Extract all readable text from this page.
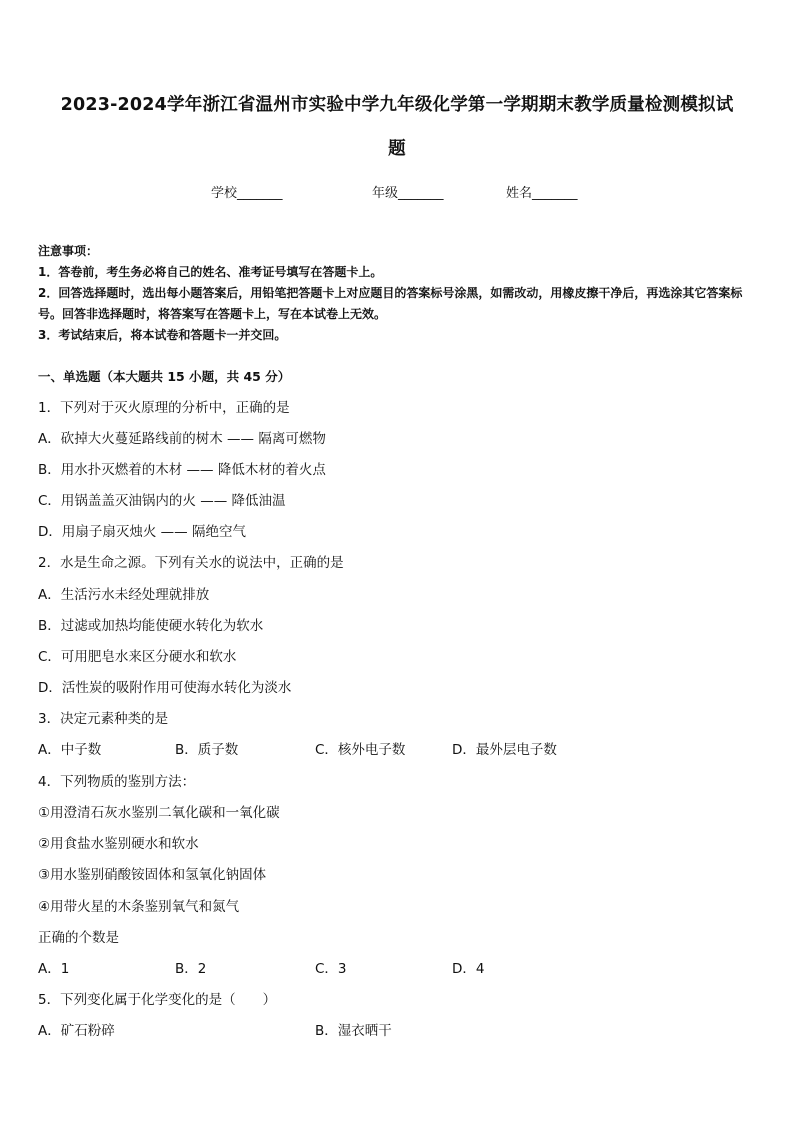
2023-2024学年浙江省温州市实验中学九年级化学第一学期期末教学质量检测模拟试
题
学校_______	年级_______	姓名_______
注意事项：
1．答卷前，考生务必将自己的姓名、准考证号填写在答题卡上。
2．回答选择题时，选出每小题答案后，用铅笔把答题卡上对应题目的答案标号涂黑，如需改动，用橡皮擦干净后，再选涂其它答案标号。回答非选择题时，将答案写在答题卡上，写在本试卷上无效。
3．考试结束后，将本试卷和答题卡一并交回。
一、单选题（本大题共 15 小题，共 45 分）
1．下列对于灭火原理的分析中，正确的是
A．砍掉大火蔓延路线前的树木 —— 隔离可燃物
B．用水扑灭燃着的木材 —— 降低木材的着火点
C．用锅盖盖灭油锅内的火 —— 降低油温
D．用扇子扇灭烛火 —— 隔绝空气
2．水是生命之源。下列有关水的说法中，正确的是
A．生活污水未经处理就排放
B．过滤或加热均能使硬水转化为软水
C．可用肥皂水来区分硬水和软水
D．活性炭的吸附作用可使海水转化为淡水
3．决定元素种类的是
A．中子数	B．质子数	C．核外电子数	D．最外层电子数
4．下列物质的鉴别方法：
①用澄清石灰水鉴别二氧化碳和一氧化碳
②用食盐水鉴别硬水和软水
③用水鉴别硝酸铵固体和氢氧化钠固体
④用带火星的木条鉴别氧气和氮气
正确的个数是
A．1	B．2	C．3	D．4
5．下列变化属于化学变化的是（　　）
A．矿石粉碎	B．湿衣晒干
